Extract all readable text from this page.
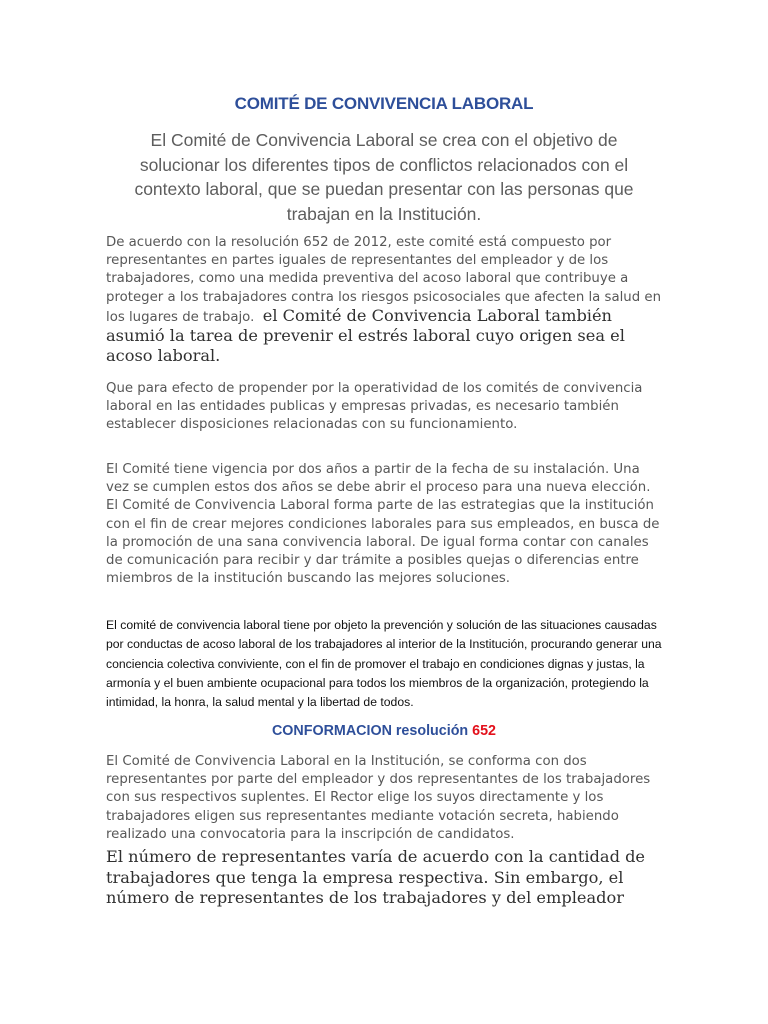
COMITÉ DE CONVIVENCIA LABORAL
El Comité de Convivencia Laboral se crea con el objetivo de solucionar los diferentes tipos de conflictos relacionados con el contexto laboral, que se puedan presentar con las personas que trabajan en la Institución.
De acuerdo con la resolución 652 de 2012, este comité está compuesto por representantes en partes iguales de representantes del empleador y de los trabajadores, como una medida preventiva del acoso laboral que contribuye a proteger a los trabajadores contra los riesgos psicosociales que afecten la salud en los lugares de trabajo. el Comité de Convivencia Laboral también asumió la tarea de prevenir el estrés laboral cuyo origen sea el acoso laboral.
Que para efecto de propender por la operatividad de los comités de convivencia laboral en las entidades publicas y empresas privadas, es necesario también establecer disposiciones relacionadas con su funcionamiento.
El Comité tiene vigencia por dos años a partir de la fecha de su instalación. Una vez se cumplen estos dos años se debe abrir el proceso para una nueva elección. El Comité de Convivencia Laboral forma parte de las estrategias que la institución con el fin de crear mejores condiciones laborales para sus empleados, en busca de la promoción de una sana convivencia laboral. De igual forma contar con canales de comunicación para recibir y dar trámite a posibles quejas o diferencias entre miembros de la institución buscando las mejores soluciones.
El comité de convivencia laboral tiene por objeto la prevención y solución de las situaciones causadas por conductas de acoso laboral de los trabajadores al interior de la Institución, procurando generar una conciencia colectiva conviviente, con el fin de promover el trabajo en condiciones dignas y justas, la armonía y el buen ambiente ocupacional para todos los miembros de la organización, protegiendo la intimidad, la honra, la salud mental y la libertad de todos.
CONFORMACION resolución 652
El Comité de Convivencia Laboral en la Institución, se conforma con dos representantes por parte del empleador y dos representantes de los trabajadores con sus respectivos suplentes. El Rector elige los suyos directamente y los trabajadores eligen sus representantes mediante votación secreta, habiendo realizado una convocatoria para la inscripción de candidatos.
El número de representantes varía de acuerdo con la cantidad de trabajadores que tenga la empresa respectiva. Sin embargo, el número de representantes de los trabajadores y del empleador
